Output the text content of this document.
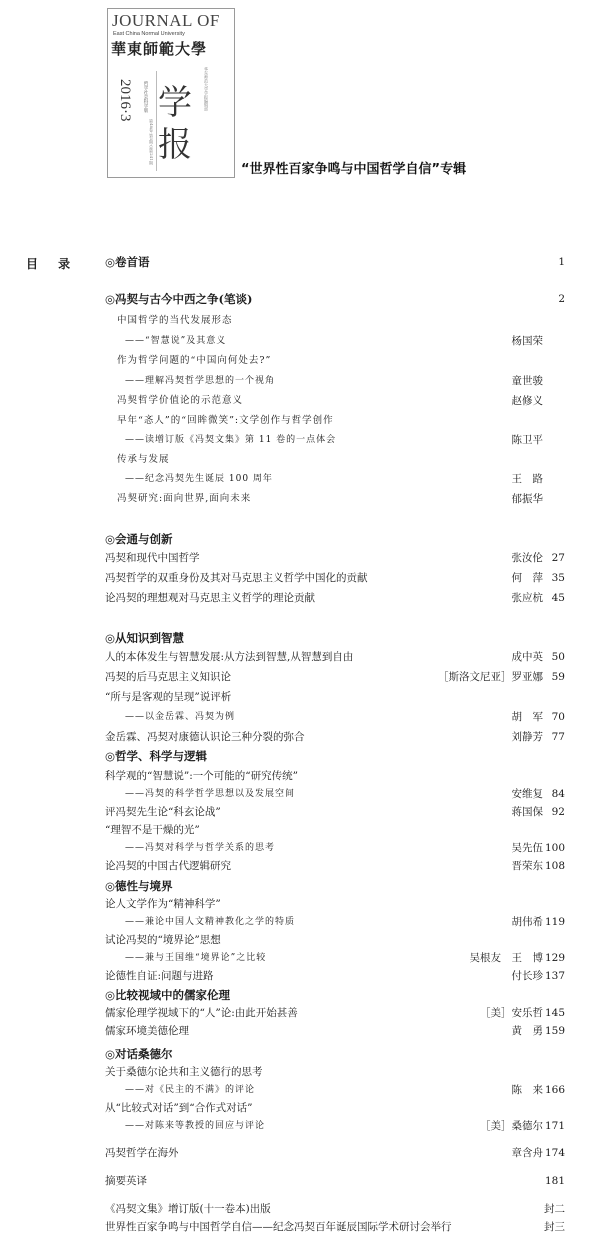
JOURNAL OF
East China Normal University
華東師範大學
2016·3 哲学社会科学版 学
报
华东师范大学学报编辑部
第48卷·第3期·总第241期
“世界性百家争鸣与中国哲学自信”专辑
目 录 ◎卷首语	1
◎冯契与古今中西之争(笔谈)	2
中国哲学的当代发展形态
——“智慧说”及其意义	杨国荣
作为哲学问题的“中国向何处去?”
——理解冯契哲学思想的一个视角	童世骏
冯契哲学价值论的示范意义	赵修义
早年“忞人”的“回眸微笑”:文学创作与哲学创作
——读增订版《冯契文集》第 11 卷的一点体会	陈卫平
传承与发展
——纪念冯契先生诞辰 100 周年	王　路
冯契研究:面向世界,面向未来	郁振华
◎会通与创新
冯契和现代中国哲学	张汝伦 27
冯契哲学的双重身份及其对马克思主义哲学中国化的贡献	何　萍 35
论冯契的理想观对马克思主义哲学的理论贡献	张应杭 45
◎从知识到智慧
人的本体发生与智慧发展:从方法到智慧,从智慧到自由	成中英 50
冯契的后马克思主义知识论	［斯洛文尼亚］罗亚娜 59
“所与是客观的呈现”说评析
——以金岳霖、冯契为例	胡　军 70
金岳霖、冯契对康德认识论三种分裂的弥合	刘静芳 77
◎哲学、科学与逻辑
科学观的“智慧说”:一个可能的“研究传统”
——冯契的科学哲学思想以及发展空间	安维复 84
评冯契先生论“科玄论战”	蒋国保 92
“理智不是干燥的光”
——冯契对科学与哲学关系的思考	吴先伍 100
论冯契的中国古代逻辑研究	晋荣东 108
◎德性与境界
论人文学作为“精神科学”
——兼论中国人文精神教化之学的特质	胡伟希 119
试论冯契的“境界论”思想
——兼与王国维“境界论”之比较	吴根友　王　博 129
论德性自证:问题与进路	付长珍 137
◎比较视域中的儒家伦理
儒家伦理学视域下的“人”论:由此开始甚善	［美］安乐哲 145
儒家环境美德伦理	黄　勇 159
◎对话桑德尔
关于桑德尔论共和主义德行的思考
——对《民主的不满》的评论	陈　来 166
从“比较式对话”到“合作式对话”
——对陈来等教授的回应与评论	［美］桑德尔 171
冯契哲学在海外	章含舟 174
摘要英译	181
《冯契文集》增订版(十一卷本)出版	封二
世界性百家争鸣与中国哲学自信——纪念冯契百年诞辰国际学术研讨会举行	封三
